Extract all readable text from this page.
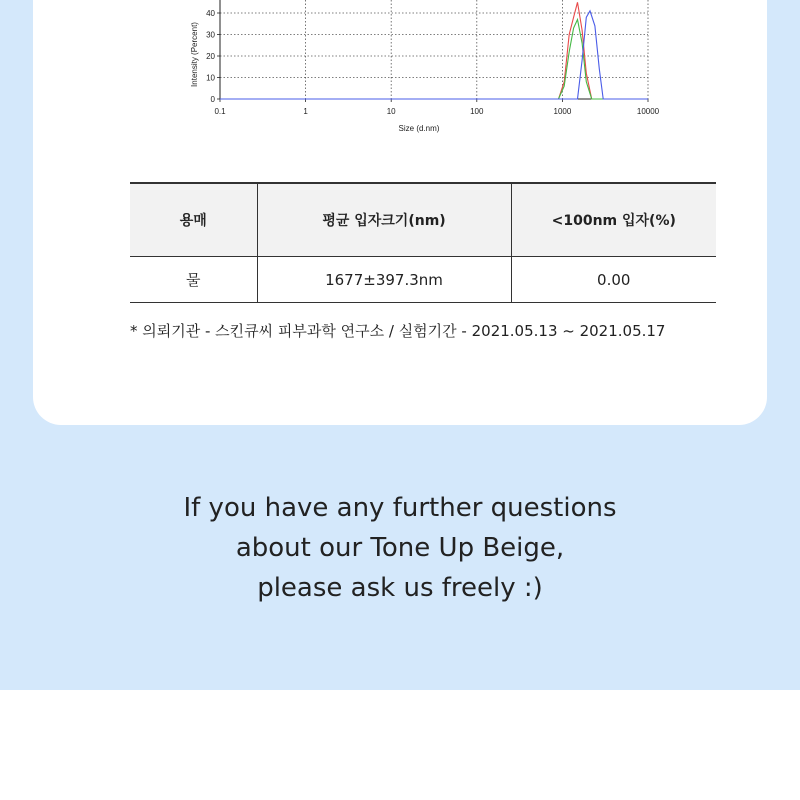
0
10
20
30
40
0.1	1	10	100	1000	10000
Size (d.nm)
Intensity (Percent)
용매	평균 입자크기(nm)	<100nm 입자(%)
물	1677±397.3nm	0.00
* 의뢰기관 - 스킨큐씨 피부과학 연구소 / 실험기간 - 2021.05.13 ~ 2021.05.17
If you have any further questions
about our Tone Up Beige,
please ask us freely :)
